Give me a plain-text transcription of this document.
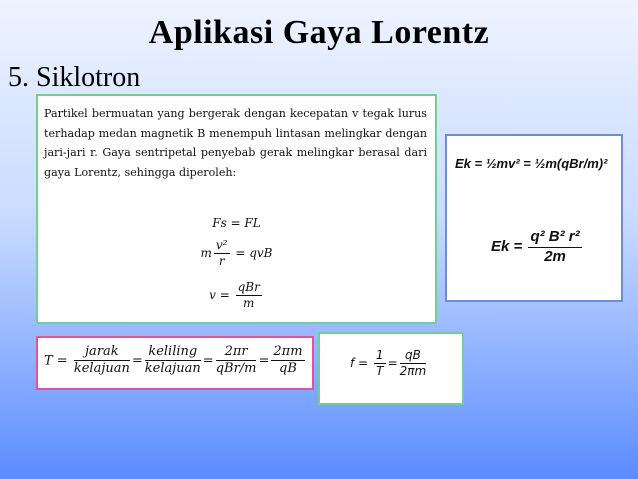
Aplikasi Gaya Lorentz
5. Siklotron

Partikel bermuatan yang bergerak dengan kecepatan v tegak lurus terhadap medan magnetik B menempuh lintasan melingkar dengan jari-jari r. Gaya sentripetal penyebab gerak melingkar berasal dari gaya Lorentz, sehingga diperoleh:

Fs = FL
m $\frac{\text{v²}}{r}$ = qvB
$v = \frac{\text{qBr}}{m}$
Ek = ½mv² = ½m(qBr/m)²
$Ek = \frac{\text{q² B² r²}}{2m}$
$T = \frac{\text{jarak}}{\text{kelajuan}} = \frac{\text{keliling}}{\text{kelajuan}} = \frac{2\pi r}{\text{qBr/m}} = \frac{2\pi m}{qB}$	$f = \frac{1}{T} = \frac{qB}{2\pi m}$
